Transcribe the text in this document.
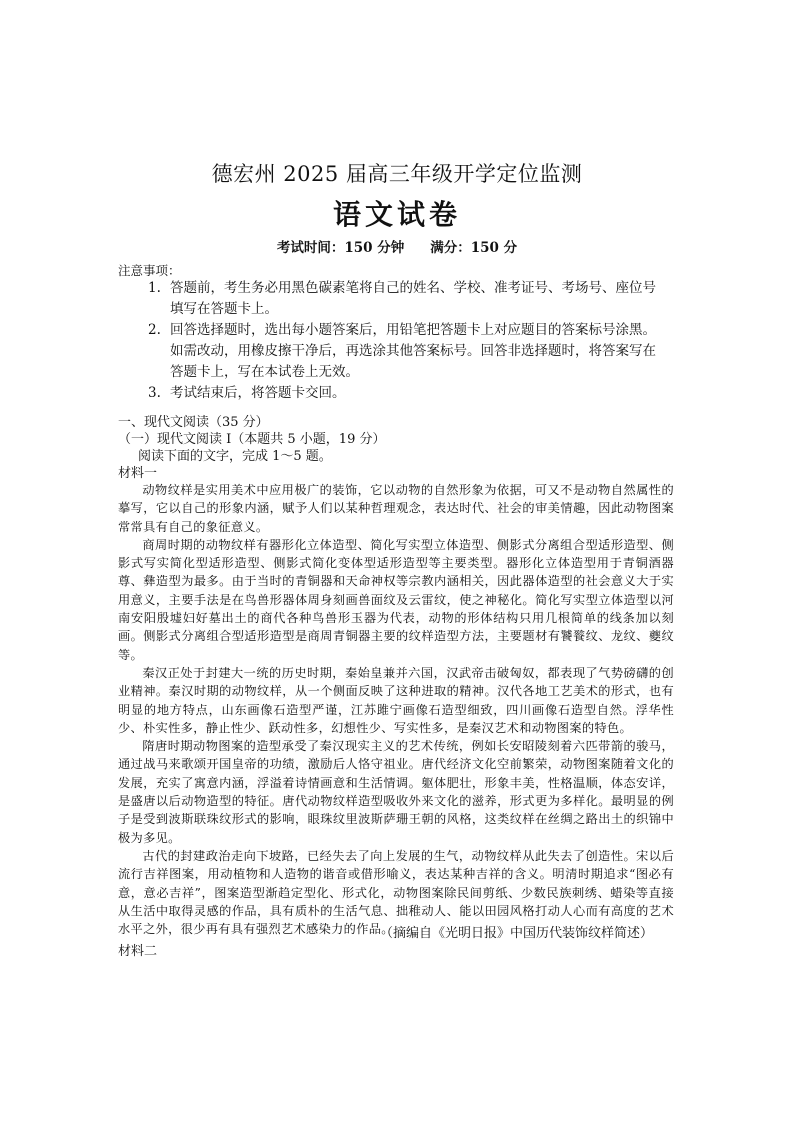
德宏州 2025 届高三年级开学定位监测
语文试卷
考试时间：150 分钟 满分：150 分
注意事项：
1. 答题前，考生务必用黑色碳素笔将自己的姓名、学校、准考证号、考场号、座位号
填写在答题卡上。
2. 回答选择题时，选出每小题答案后，用铅笔把答题卡上对应题目的答案标号涂黑。
如需改动，用橡皮擦干净后，再选涂其他答案标号。回答非选择题时，将答案写在
答题卡上，写在本试卷上无效。
3. 考试结束后，将答题卡交回。
一、现代文阅读（35 分）
（一）现代文阅读 I（本题共 5 小题，19 分）
阅读下面的文字，完成 1～5 题。
材料一

动物纹样是实用美术中应用极广的装饰，它以动物的自然形象为依据，可又不是动物自然属性的摹写，它以自己的形象内涵，赋予人们以某种哲理观念，表达时代、社会的审美情趣，因此动物图案常常具有自己的象征意义。

商周时期的动物纹样有器形化立体造型、简化写实型立体造型、侧影式分离组合型适形造型、侧影式写实简化型适形造型、侧影式简化变体型适形造型等主要类型。器形化立体造型用于青铜酒器尊、彝造型为最多。由于当时的青铜器和天命神权等宗教内涵相关，因此器体造型的社会意义大于实用意义，主要手法是在鸟兽形器体周身刻画兽面纹及云雷纹，使之神秘化。简化写实型立体造型以河南安阳殷墟妇好墓出土的商代各种鸟兽形玉器为代表，动物的形体结构只用几根简单的线条加以刻画。侧影式分离组合型适形造型是商周青铜器主要的纹样造型方法，主要题材有饕餮纹、龙纹、夔纹等。

秦汉正处于封建大一统的历史时期，秦始皇兼并六国，汉武帝击破匈奴，都表现了气势磅礴的创业精神。秦汉时期的动物纹样，从一个侧面反映了这种进取的精神。汉代各地工艺美术的形式，也有明显的地方特点，山东画像石造型严谨，江苏雎宁画像石造型细致，四川画像石造型自然。浮华性少、朴实性多，静止性少、跃动性多，幻想性少、写实性多，是秦汉艺术和动物图案的特色。

隋唐时期动物图案的造型承受了秦汉现实主义的艺术传统，例如长安昭陵刻着六匹带箭的骏马，通过战马来歌颂开国皇帝的功绩，激励后人恪守祖业。唐代经济文化空前繁荣，动物图案随着文化的发展，充实了寓意内涵，浮溢着诗情画意和生活情调。躯体肥壮，形象丰美，性格温顺，体态安详，是盛唐以后动物造型的特征。唐代动物纹样造型吸收外来文化的滋养，形式更为多样化。最明显的例子是受到波斯联珠纹形式的影响，眼珠纹里波斯萨珊王朝的风格，这类纹样在丝绸之路出土的织锦中极为多见。

古代的封建政治走向下坡路，已经失去了向上发展的生气，动物纹样从此失去了创造性。宋以后流行吉祥图案，用动植物和人造物的谐音或借形喻义，表达某种吉祥的含义。明清时期追求“图必有意，意必吉祥”，图案造型渐趋定型化、形式化，动物图案除民间剪纸、少数民族刺绣、蜡染等直接从生活中取得灵感的作品，具有质朴的生活气息、拙稚动人、能以田园风格打动人心而有高度的艺术水平之外，很少再有具有强烈艺术感染力的作品。

（摘编自《光明日报》中国历代装饰纹样简述）
材料二
